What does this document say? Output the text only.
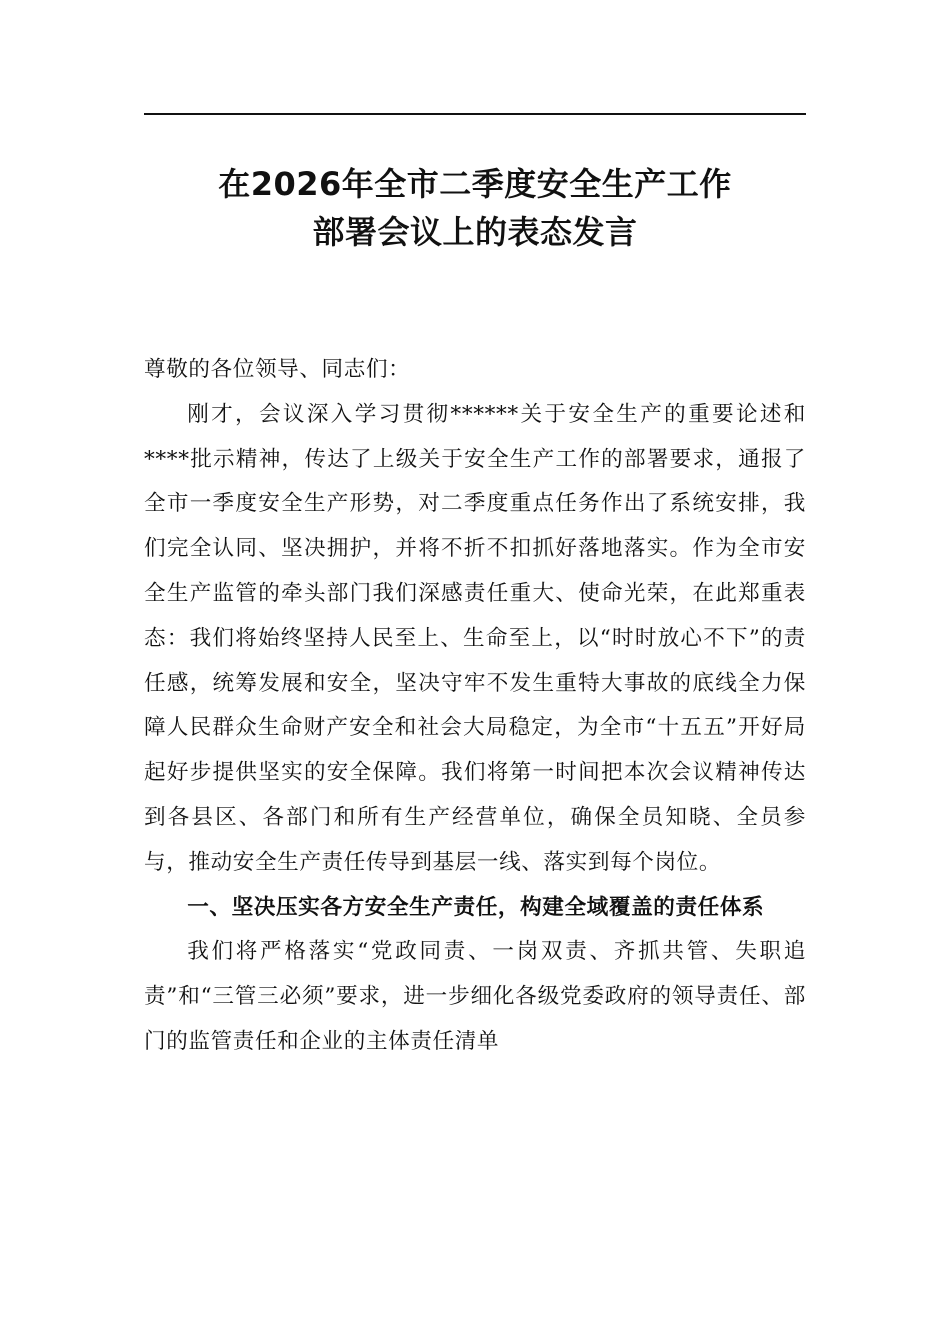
在2026年全市二季度安全生产工作
部署会议上的表态发言

尊敬的各位领导、同志们：

刚才，会议深入学习贯彻******关于安全生产的重要论述和****批示精神，传达了上级关于安全生产工作的部署要求，通报了全市一季度安全生产形势，对二季度重点任务作出了系统安排，我们完全认同、坚决拥护，并将不折不扣抓好落地落实。作为全市安全生产监管的牵头部门我们深感责任重大、使命光荣，在此郑重表态：我们将始终坚持人民至上、生命至上，以“时时放心不下”的责任感，统筹发展和安全，坚决守牢不发生重特大事故的底线全力保障人民群众生命财产安全和社会大局稳定，为全市“十五五”开好局起好步提供坚实的安全保障。我们将第一时间把本次会议精神传达到各县区、各部门和所有生产经营单位，确保全员知晓、全员参与，推动安全生产责任传导到基层一线、落实到每个岗位。

一、坚决压实各方安全生产责任，构建全域覆盖的责任体系

我们将严格落实“党政同责、一岗双责、齐抓共管、失职追责”和“三管三必须”要求，进一步细化各级党委政府的领导责任、部门的监管责任和企业的主体责任清单
